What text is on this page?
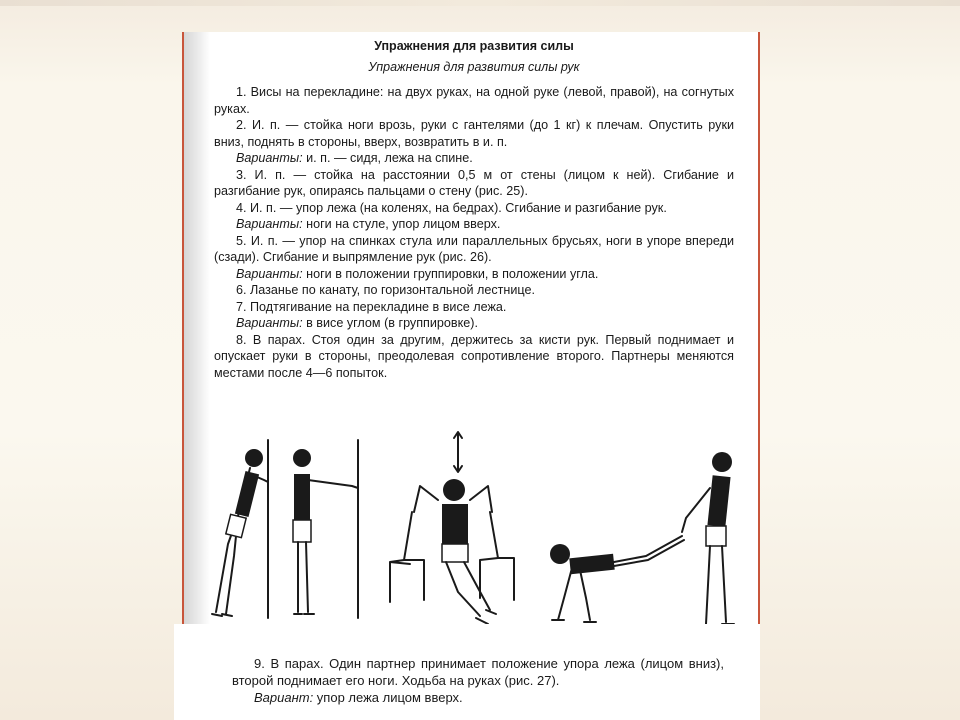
Упражнения для развития силы

Упражнения для развития силы рук

1. Висы на перекладине: на двух руках, на одной руке (левой, правой), на согнутых руках.

2. И. п. — стойка ноги врозь, руки с гантелями (до 1 кг) к плечам. Опустить руки вниз, поднять в стороны, вверх, возвратить в и. п.

Варианты: и. п. — сидя, лежа на спине.

3. И. п. — стойка на расстоянии 0,5 м от стены (лицом к ней). Сгибание и разгибание рук, опираясь пальцами о стену (рис. 25).

4. И. п. — упор лежа (на коленях, на бедрах). Сгибание и разгибание рук.

Варианты: ноги на стуле, упор лицом вверх.

5. И. п. — упор на спинках стула или параллельных брусьях, ноги в упоре впереди (сзади). Сгибание и выпрямление рук (рис. 26).

Варианты: ноги в положении группировки, в положении угла.

6. Лазанье по канату, по горизонтальной лестнице.

7. Подтягивание на перекладине в висе лежа.

Варианты: в висе углом (в группировке).

8. В парах. Стоя один за другим, держитесь за кисти рук. Первый поднимает и опускает руки в стороны, преодолевая сопротивление второго. Партнеры меняются местами после 4—6 попыток.

9. В парах. Один партнер принимает положение упора лежа (лицом вниз), второй поднимает его ноги. Ходьба на руках (рис. 27).

Вариант: упор лежа лицом вверх.
